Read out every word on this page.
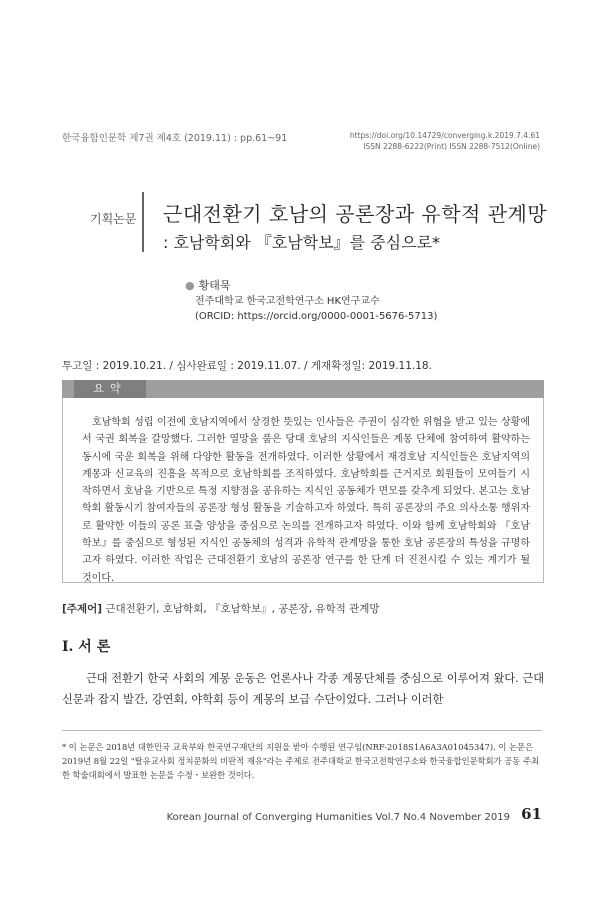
한국융합인문학 제7권 제4호 (2019.11) : pp.61~91	https://doi.org/10.14729/converging.k.2019.7.4.61
ISSN 2288-6222(Print) ISSN 2288-7512(Online)
기획논문 근대전환기 호남의 공론장과 유학적 관계망
: 호남학회와 『호남학보』를 중심으로*
● 황태묵
전주대학교 한국고전학연구소 HK연구교수
(ORCID: https://orcid.org/0000-0001-5676-5713)
투고일 : 2019.10.21. / 심사완료일 : 2019.11.07. / 게재확정일: 2019.11.18.
요약
호남학회 성립 이전에 호남지역에서 상경한 뜻있는 인사들은 주권이 심각한 위협을 받고 있는 상황에서 국권 회복을 갈망했다. 그러한 열망을 품은 당대 호남의 지식인들은 계몽 단체에 참여하여 활약하는 동시에 국운 회복을 위해 다양한 활동을 전개하였다. 이러한 상황에서 재경호남 지식인들은 호남지역의 계몽과 신교육의 진흥을 목적으로 호남학회를 조직하였다. 호남학회를 근거지로 회원들이 모여들기 시작하면서 호남을 기반으로 특정 지향점을 공유하는 지식인 공동체가 면모를 갖추게 되었다. 본고는 호남학회 활동시기 참여자들의 공론장 형성 활동을 기술하고자 하였다. 특히 공론장의 주요 의사소통 행위자로 활약한 이들의 공론 표출 양상을 중심으로 논의를 전개하고자 하였다. 이와 함께 호남학회와 『호남학보』를 중심으로 형성된 지식인 공동체의 성격과 유학적 관계망을 통한 호남 공론장의 특성을 규명하고자 하였다. 이러한 작업은 근대전환기 호남의 공론장 연구를 한 단계 더 진전시킬 수 있는 계기가 될 것이다.
[주제어] 근대전환기, 호남학회, 『호남학보』, 공론장, 유학적 관계망
I. 서 론
근대 전환기 한국 사회의 계몽 운동은 언론사나 각종 계몽단체를 중심으로 이루어져 왔다. 근대 신문과 잡지 발간, 강연회, 야학회 등이 계몽의 보급 수단이었다. 그러나 이러한
* 이 논문은 2018년 대한민국 교육부와 한국연구재단의 지원을 받아 수행된 연구임(NRF-2018S1A6A3A01045347). 이 논문은 2019년 8월 22일 "탈유교사회 정치문화의 비판적 재유"라는 주제로 전주대학교 한국고전학연구소와 한국융합인문학회가 공동 주최한 학술대회에서 발표한 논문을 수정・보완한 것이다.
Korean Journal of Converging Humanities Vol.7 No.4 November 2019 61
